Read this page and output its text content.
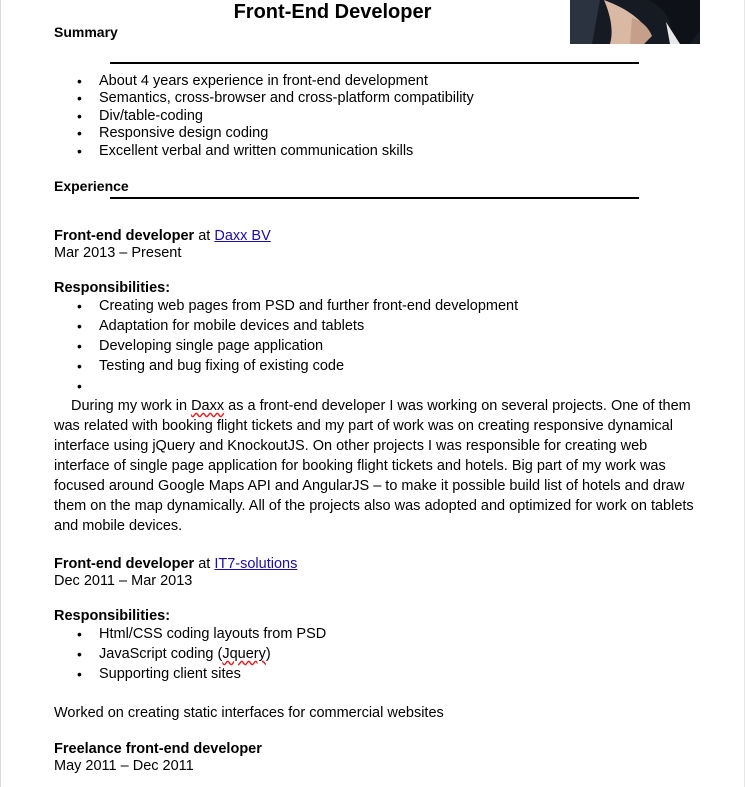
Front-End Developer
Summary
• About 4 years experience in front-end development
• Semantics, cross-browser and cross-platform compatibility
• Div/table-coding
• Responsive design coding
• Excellent verbal and written communication skills
Experience
Front-end developer at Daxx BV
Mar 2013 – Present
Responsibilities:
• Creating web pages from PSD and further front-end development
• Adaptation for mobile devices and tablets
• Developing single page application
• Testing and bug fixing of existing code
•

During my work in Daxx as a front-end developer I was working on several projects. One of them was related with booking flight tickets and my part of work was on creating responsive dynamical interface using jQuery and KnockoutJS. On other projects I was responsible for creating web interface of single page application for booking flight tickets and hotels. Big part of my work was focused around Google Maps API and AngularJS – to make it possible build list of hotels and draw them on the map dynamically. All of the projects also was adopted and optimized for work on tablets and mobile devices.

Front-end developer at IT7-solutions
Dec 2011 – Mar 2013
Responsibilities:
• Html/CSS coding layouts from PSD
• JavaScript coding (Jquery)
• Supporting client sites
Worked on creating static interfaces for commercial websites
Freelance front-end developer
May 2011 – Dec 2011
